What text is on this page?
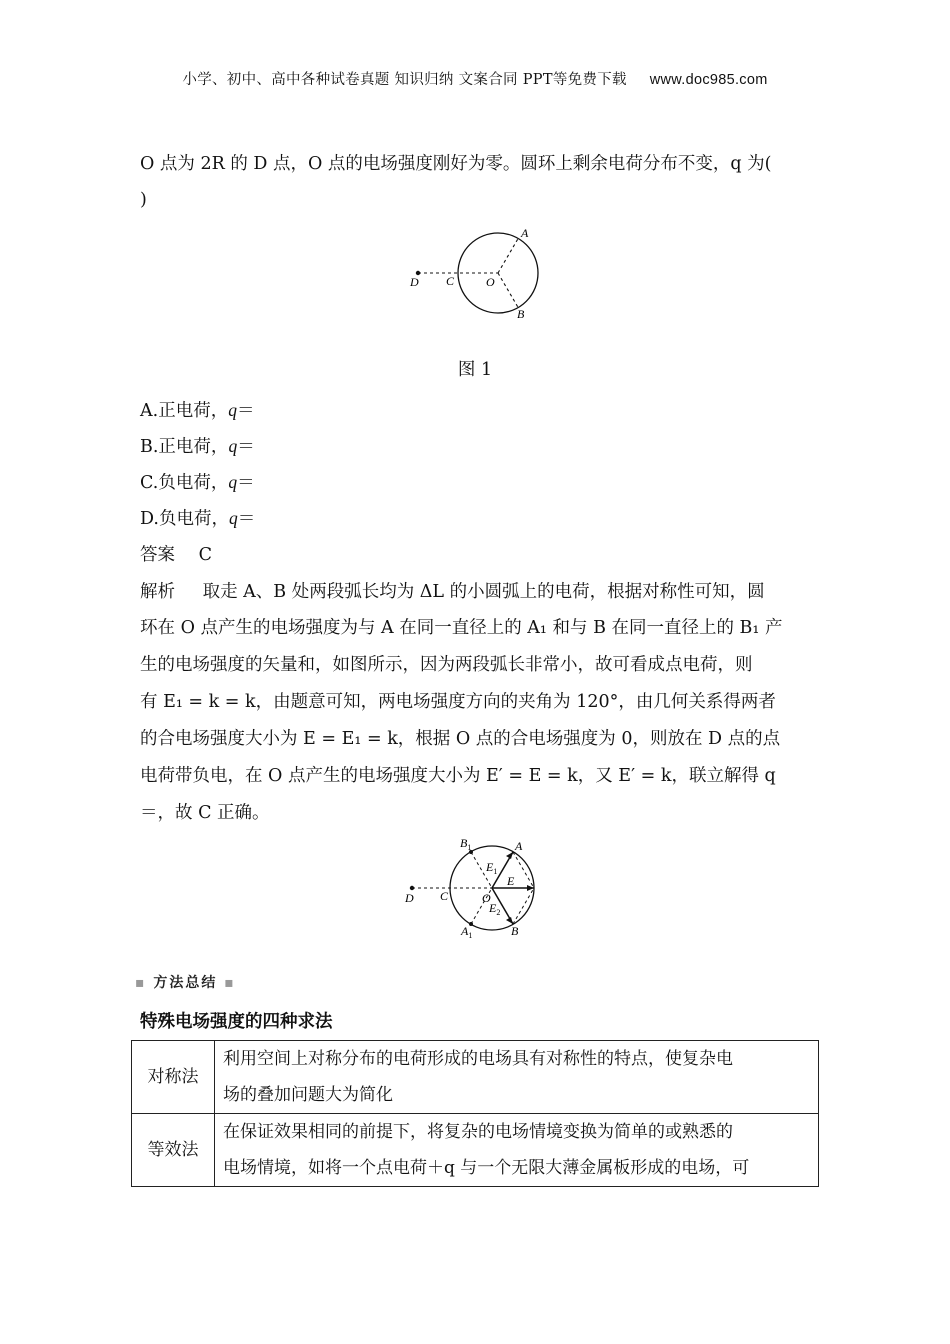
小学、初中、高中各种试卷真题 知识归纳 文案合同 PPT等免费下载 www.doc985.com
O 点为 2R 的 D 点，O 点的电场强度刚好为零。圆环上剩余电荷分布不变，q 为(
)
A
B
C
D	O
图 1
A.正电荷，q＝
B.正电荷，q＝
C.负电荷，q＝
D.负电荷，q＝
答案 C
解析 取走 A、B 处两段弧长均为 ΔL 的小圆弧上的电荷，根据对称性可知，圆
环在 O 点产生的电场强度为与 A 在同一直径上的 A₁ 和与 B 在同一直径上的 B₁ 产
生的电场强度的矢量和，如图所示，因为两段弧长非常小，故可看成点电荷，则
有 E₁ = k = k，由题意可知，两电场强度方向的夹角为 120°，由几何关系得两者
的合电场强度大小为 E = E₁ = k，根据 O 点的合电场强度为 0，则放在 D 点的点
电荷带负电，在 O 点产生的电场强度大小为 E′ = E = k，又 E′ = k，联立解得 q
＝，故 C 正确。
A
B
$B_1$
$A_1$
C
D	O
E
$E_1$
$E_2$
▪ 方法总结 ▪
特殊电场强度的四种求法
对称法	利用空间上对称分布的电荷形成的电场具有对称性的特点，使复杂电
场的叠加问题大为简化

等效法	在保证效果相同的前提下，将复杂的电场情境变换为简单的或熟悉的
电场情境，如将一个点电荷＋q 与一个无限大薄金属板形成的电场，可
